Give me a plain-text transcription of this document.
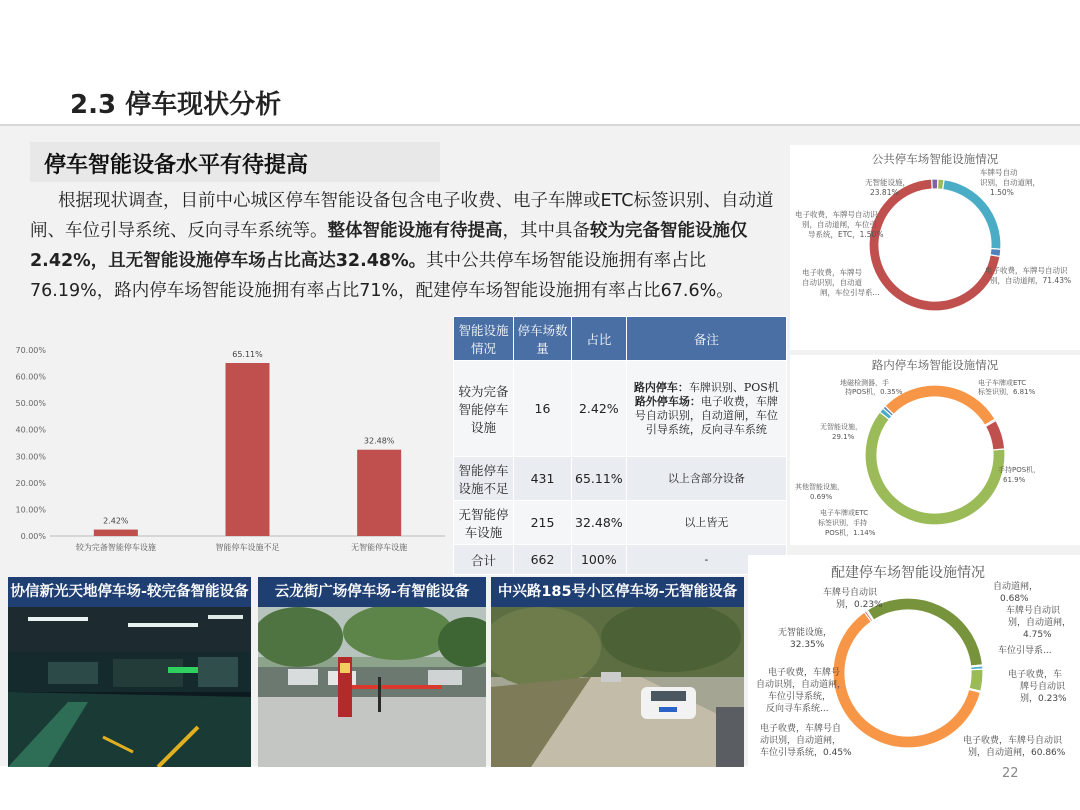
2.3 停车现状分析
停车智能设备水平有待提高

根据现状调查，目前中心城区停车智能设备包含电子收费、电子车牌或ETC标签识别、自动道闸、车位引导系统、反向寻车系统等。整体智能设施有待提高，其中具备较为完备智能设施仅2.42%，且无智能设施停车场占比高达32.48%。其中公共停车场智能设施拥有率占比76.19%，路内停车场智能设施拥有率占比71%，配建停车场智能设施拥有率占比67.6%。

0.00%
10.00%
20.00%
30.00%
40.00%
50.00%
60.00%
70.00%
2.42%
较为完备智能停车设施
65.11%
智能停车设施不足
32.48%
无智能停车设施
智能设施情况	停车场数量	占比	备注
较为完备智能停车设施	16	2.42%	路内停车：车牌识别、POS机
路外停车场：电子收费，车牌号自动识别，自动道闸，车位引导系统，反向寻车系统
智能停车设施不足	431	65.11%	以上含部分设备
无智能停车设施	215	32.48%	以上皆无
合计	662	100%	-
协信新光天地停车场-较完备智能设备	云龙街广场停车场-有智能设备	中兴路185号小区停车场-无智能设备
公共停车场智能设施情况
车牌号自动
识别，自动道闸，
1.50%
无智能设施，
23.81%
电子收费，车牌号自动识
别，自动道闸，车位引
导系统，ETC，1.50%
电子收费，车牌号
自动识别，自动道
闸，车位引导系...
电子收费，车牌号自动识
别，自动道闸，71.43%
路内停车场智能设施情况
地磁检测器，手
持POS机，0.35%
电子车牌或ETC
标签识别，6.81%
无智能设施，
29.1%
手持POS机，
61.9%
其他智能设施，
0.69%
电子车牌或ETC
标签识别，手持
POS机，1.14%
配建停车场智能设施情况
车牌号自动识
别，0.23%
自动道闸，
0.68%
车牌号自动识
别，自动道闸，
4.75%
车位引导系...
无智能设施，
32.35%
电子收费，车
牌号自动识
别，0.23%
电子收费，车牌号
自动识别，自动道闸，
车位引导系统，
反向寻车系统...
电子收费，车牌号自
动识别，自动道闸，
车位引导系统，0.45%
电子收费，车牌号自动识
别，自动道闸，60.86%
22
